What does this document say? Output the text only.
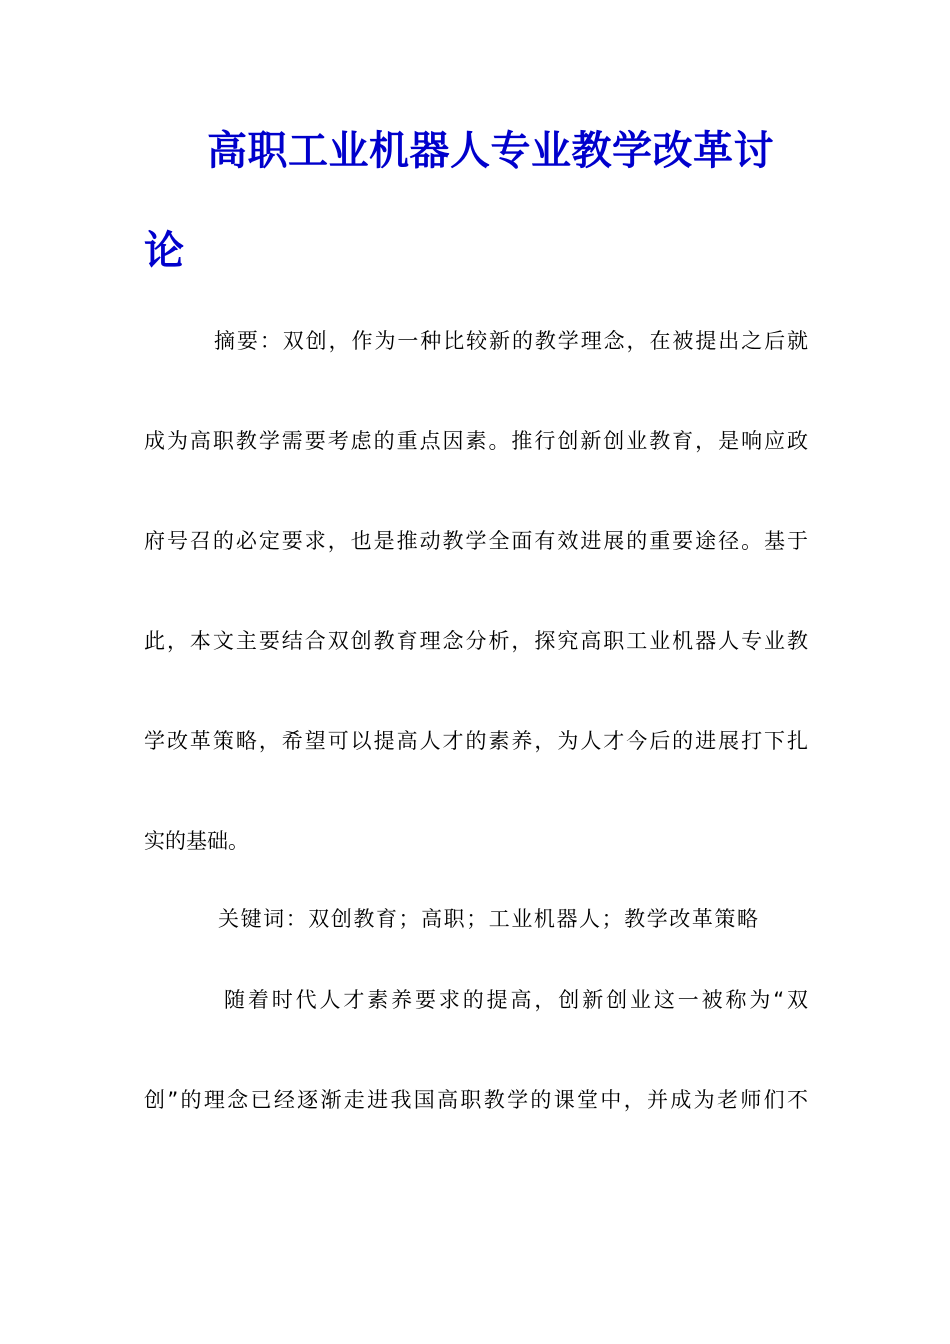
高职工业机器人专业教学改革讨
论
摘要：双创，作为一种比较新的教学理念，在被提出之后就
成为高职教学需要考虑的重点因素。推行创新创业教育，是响应政
府号召的必定要求，也是推动教学全面有效进展的重要途径。基于
此，本文主要结合双创教育理念分析，探究高职工业机器人专业教
学改革策略，希望可以提高人才的素养，为人才今后的进展打下扎
实的基础。
关键词：双创教育；高职；工业机器人；教学改革策略
随着时代人才素养要求的提高，创新创业这一被称为“双
创”的理念已经逐渐走进我国高职教学的课堂中，并成为老师们不
